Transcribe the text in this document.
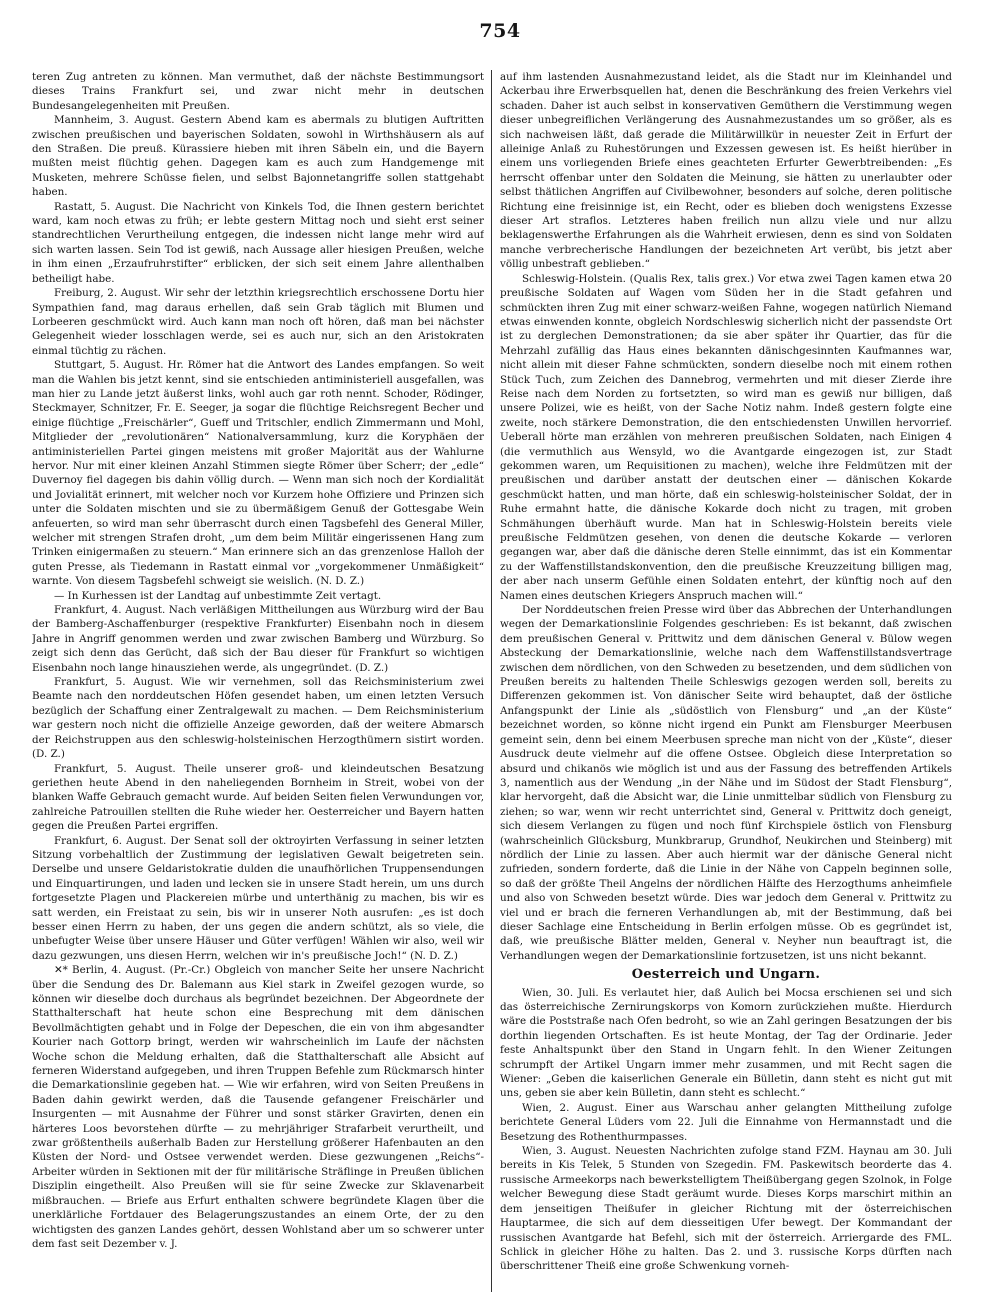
754

teren Zug antreten zu können. Man vermuthet, daß der nächste Bestimmungsort dieses Trains Frankfurt sei, und zwar nicht mehr in deutschen Bundesangelegenheiten mit Preußen.

Mannheim, 3. August. Gestern Abend kam es abermals zu blutigen Auftritten zwischen preußischen und bayerischen Soldaten, sowohl in Wirthshäusern als auf den Straßen. Die preuß. Kürassiere hieben mit ihren Säbeln ein, und die Bayern mußten meist flüchtig gehen. Dagegen kam es auch zum Handgemenge mit Musketen, mehrere Schüsse fielen, und selbst Bajonnetangriffe sollen stattgehabt haben.

Rastatt, 5. August. Die Nachricht von Kinkels Tod, die Ihnen gestern berichtet ward, kam noch etwas zu früh; er lebte gestern Mittag noch und sieht erst seiner standrechtlichen Verurtheilung entgegen, die indessen nicht lange mehr wird auf sich warten lassen. Sein Tod ist gewiß, nach Aussage aller hiesigen Preußen, welche in ihm einen „Erzaufruhrstifter“ erblicken, der sich seit einem Jahre allenthalben betheiligt habe.

Freiburg, 2. August. Wir sehr der letzthin kriegsrechtlich erschossene Dortu hier Sympathien fand, mag daraus erhellen, daß sein Grab täglich mit Blumen und Lorbeeren geschmückt wird. Auch kann man noch oft hören, daß man bei nächster Gelegenheit wieder losschlagen werde, sei es auch nur, sich an den Aristokraten einmal tüchtig zu rächen.

Stuttgart, 5. August. Hr. Römer hat die Antwort des Landes empfangen. So weit man die Wahlen bis jetzt kennt, sind sie entschieden antiministeriell ausgefallen, was man hier zu Lande jetzt äußerst links, wohl auch gar roth nennt. Schoder, Rödinger, Steckmayer, Schnitzer, Fr. E. Seeger, ja sogar die flüchtige Reichsregent Becher und einige flüchtige „Freischärler“, Gueff und Tritschler, endlich Zimmermann und Mohl, Mitglieder der „revolutionären“ Nationalversammlung, kurz die Koryphäen der antiministeriellen Partei gingen meistens mit großer Majorität aus der Wahlurne hervor. Nur mit einer kleinen Anzahl Stimmen siegte Römer über Scherr; der „edle“ Duvernoy fiel dagegen bis dahin völlig durch. — Wenn man sich noch der Kordialität und Jovialität erinnert, mit welcher noch vor Kurzem hohe Offiziere und Prinzen sich unter die Soldaten mischten und sie zu übermäßigem Genuß der Gottesgabe Wein anfeuerten, so wird man sehr überrascht durch einen Tagsbefehl des General Miller, welcher mit strengen Strafen droht, „um dem beim Militär eingerissenen Hang zum Trinken einigermaßen zu steuern.“ Man erinnere sich an das grenzenlose Halloh der guten Presse, als Tiedemann in Rastatt einmal vor „vorgekommener Unmäßigkeit“ warnte. Von diesem Tagsbefehl schweigt sie weislich. (N. D. Z.)

— In Kurhessen ist der Landtag auf unbestimmte Zeit vertagt.

Frankfurt, 4. August. Nach verläßigen Mittheilungen aus Würzburg wird der Bau der Bamberg-Aschaffenburger (respektive Frankfurter) Eisenbahn noch in diesem Jahre in Angriff genommen werden und zwar zwischen Bamberg und Würzburg. So zeigt sich denn das Gerücht, daß sich der Bau dieser für Frankfurt so wichtigen Eisenbahn noch lange hinausziehen werde, als ungegründet. (D. Z.)

Frankfurt, 5. August. Wie wir vernehmen, soll das Reichsministerium zwei Beamte nach den norddeutschen Höfen gesendet haben, um einen letzten Versuch bezüglich der Schaffung einer Zentralgewalt zu machen. — Dem Reichsministerium war gestern noch nicht die offizielle Anzeige geworden, daß der weitere Abmarsch der Reichstruppen aus den schleswig-holsteinischen Herzogthümern sistirt worden. (D. Z.)

Frankfurt, 5. August. Theile unserer groß- und kleindeutschen Besatzung geriethen heute Abend in den naheliegenden Bornheim in Streit, wobei von der blanken Waffe Gebrauch gemacht wurde. Auf beiden Seiten fielen Verwundungen vor, zahlreiche Patrouillen stellten die Ruhe wieder her. Oesterreicher und Bayern hatten gegen die Preußen Partei ergriffen.

Frankfurt, 6. August. Der Senat soll der oktroyirten Verfassung in seiner letzten Sitzung vorbehaltlich der Zustimmung der legislativen Gewalt beigetreten sein. Derselbe und unsere Geldaristokratie dulden die unaufhörlichen Truppensendungen und Einquartirungen, und laden und lecken sie in unsere Stadt herein, um uns durch fortgesetzte Plagen und Plackereien mürbe und unterthänig zu machen, bis wir es satt werden, ein Freistaat zu sein, bis wir in unserer Noth ausrufen: „es ist doch besser einen Herrn zu haben, der uns gegen die andern schützt, als so viele, die unbefugter Weise über unsere Häuser und Güter verfügen! Wählen wir also, weil wir dazu gezwungen, uns diesen Herrn, welchen wir in's preußische Joch!“ (N. D. Z.)

✕* Berlin, 4. August. (Pr.-Cr.) Obgleich von mancher Seite her unsere Nachricht über die Sendung des Dr. Balemann aus Kiel stark in Zweifel gezogen wurde, so können wir dieselbe doch durchaus als begründet bezeichnen. Der Abgeordnete der Statthalterschaft hat heute schon eine Besprechung mit dem dänischen Bevollmächtigten gehabt und in Folge der Depeschen, die ein von ihm abgesandter Kourier nach Gottorp bringt, werden wir wahrscheinlich im Laufe der nächsten Woche schon die Meldung erhalten, daß die Statthalterschaft alle Absicht auf ferneren Widerstand aufgegeben, und ihren Truppen Befehle zum Rückmarsch hinter die Demarkationslinie gegeben hat. — Wie wir erfahren, wird von Seiten Preußens in Baden dahin gewirkt werden, daß die Tausende gefangener Freischärler und Insurgenten — mit Ausnahme der Führer und sonst stärker Gravirten, denen ein härteres Loos bevorstehen dürfte — zu mehrjähriger Strafarbeit verurtheilt, und zwar größtentheils außerhalb Baden zur Herstellung größerer Hafenbauten an den Küsten der Nord- und Ostsee verwendet werden. Diese gezwungenen „Reichs“-Arbeiter würden in Sektionen mit der für militärische Sträflinge in Preußen üblichen Disziplin eingetheilt. Also Preußen will sie für seine Zwecke zur Sklavenarbeit mißbrauchen. — Briefe aus Erfurt enthalten schwere begründete Klagen über die unerklärliche Fortdauer des Belagerungszustandes an einem Orte, der zu den wichtigsten des ganzen Landes gehört, dessen Wohlstand aber um so schwerer unter dem fast seit Dezember v. J.

auf ihm lastenden Ausnahmezustand leidet, als die Stadt nur im Kleinhandel und Ackerbau ihre Erwerbsquellen hat, denen die Beschränkung des freien Verkehrs viel schaden. Daher ist auch selbst in konservativen Gemüthern die Verstimmung wegen dieser unbegreiflichen Verlängerung des Ausnahmezustandes um so größer, als es sich nachweisen läßt, daß gerade die Militärwillkür in neuester Zeit in Erfurt der alleinige Anlaß zu Ruhestörungen und Exzessen gewesen ist. Es heißt hierüber in einem uns vorliegenden Briefe eines geachteten Erfurter Gewerbtreibenden: „Es herrscht offenbar unter den Soldaten die Meinung, sie hätten zu unerlaubter oder selbst thätlichen Angriffen auf Civilbewohner, besonders auf solche, deren politische Richtung eine freisinnige ist, ein Recht, oder es blieben doch wenigstens Exzesse dieser Art straflos. Letzteres haben freilich nun allzu viele und nur allzu beklagenswerthe Erfahrungen als die Wahrheit erwiesen, denn es sind von Soldaten manche verbrecherische Handlungen der bezeichneten Art verübt, bis jetzt aber völlig unbestraft geblieben.“

Schleswig-Holstein. (Qualis Rex, talis grex.) Vor etwa zwei Tagen kamen etwa 20 preußische Soldaten auf Wagen vom Süden her in die Stadt gefahren und schmückten ihren Zug mit einer schwarz-weißen Fahne, wogegen natürlich Niemand etwas einwenden konnte, obgleich Nordschleswig sicherlich nicht der passendste Ort ist zu derglechen Demonstrationen; da sie aber später ihr Quartier, das für die Mehrzahl zufällig das Haus eines bekannten dänischgesinnten Kaufmannes war, nicht allein mit dieser Fahne schmückten, sondern dieselbe noch mit einem rothen Stück Tuch, zum Zeichen des Dannebrog, vermehrten und mit dieser Zierde ihre Reise nach dem Norden zu fortsetzten, so wird man es gewiß nur billigen, daß unsere Polizei, wie es heißt, von der Sache Notiz nahm. Indeß gestern folgte eine zweite, noch stärkere Demonstration, die den entschiedensten Unwillen hervorrief. Ueberall hörte man erzählen von mehreren preußischen Soldaten, nach Einigen 4 (die vermuthlich aus Wensyld, wo die Avantgarde eingezogen ist, zur Stadt gekommen waren, um Requisitionen zu machen), welche ihre Feldmützen mit der preußischen und darüber anstatt der deutschen einer — dänischen Kokarde geschmückt hatten, und man hörte, daß ein schleswig-holsteinischer Soldat, der in Ruhe ermahnt hatte, die dänische Kokarde doch nicht zu tragen, mit groben Schmähungen überhäuft wurde. Man hat in Schleswig-Holstein bereits viele preußische Feldmützen gesehen, von denen die deutsche Kokarde — verloren gegangen war, aber daß die dänische deren Stelle einnimmt, das ist ein Kommentar zu der Waffenstillstandskonvention, den die preußische Kreuzzeitung billigen mag, der aber nach unserm Gefühle einen Soldaten entehrt, der künftig noch auf den Namen eines deutschen Kriegers Anspruch machen will.“

Der Norddeutschen freien Presse wird über das Abbrechen der Unterhandlungen wegen der Demarkationslinie Folgendes geschrieben: Es ist bekannt, daß zwischen dem preußischen General v. Prittwitz und dem dänischen General v. Bülow wegen Absteckung der Demarkationslinie, welche nach dem Waffenstillstandsvertrage zwischen dem nördlichen, von den Schweden zu besetzenden, und dem südlichen von Preußen bereits zu haltenden Theile Schleswigs gezogen werden soll, bereits zu Differenzen gekommen ist. Von dänischer Seite wird behauptet, daß der östliche Anfangspunkt der Linie als „südöstlich von Flensburg“ und „an der Küste“ bezeichnet worden, so könne nicht irgend ein Punkt am Flensburger Meerbusen gemeint sein, denn bei einem Meerbusen spreche man nicht von der „Küste“, dieser Ausdruck deute vielmehr auf die offene Ostsee. Obgleich diese Interpretation so absurd und chikanös wie möglich ist und aus der Fassung des betreffenden Artikels 3, namentlich aus der Wendung „in der Nähe und im Südost der Stadt Flensburg“, klar hervorgeht, daß die Absicht war, die Linie unmittelbar südlich von Flensburg zu ziehen; so war, wenn wir recht unterrichtet sind, General v. Prittwitz doch geneigt, sich diesem Verlangen zu fügen und noch fünf Kirchspiele östlich von Flensburg (wahrscheinlich Glücksburg, Munkbrarup, Grundhof, Neukirchen und Steinberg) mit nördlich der Linie zu lassen. Aber auch hiermit war der dänische General nicht zufrieden, sondern forderte, daß die Linie in der Nähe von Cappeln beginnen solle, so daß der größte Theil Angelns der nördlichen Hälfte des Herzogthums anheimfiele und also von Schweden besetzt würde. Dies war jedoch dem General v. Prittwitz zu viel und er brach die ferneren Verhandlungen ab, mit der Bestimmung, daß bei dieser Sachlage eine Entscheidung in Berlin erfolgen müsse. Ob es gegründet ist, daß, wie preußische Blätter melden, General v. Neyher nun beauftragt ist, die Verhandlungen wegen der Demarkationslinie fortzusetzen, ist uns nicht bekannt.

Oesterreich und Ungarn.

Wien, 30. Juli. Es verlautet hier, daß Aulich bei Mocsa erschienen sei und sich das österreichische Zernirungskorps von Komorn zurückziehen mußte. Hierdurch wäre die Poststraße nach Ofen bedroht, so wie an Zahl geringen Besatzungen der bis dorthin liegenden Ortschaften. Es ist heute Montag, der Tag der Ordinarie. Jeder feste Anhaltspunkt über den Stand in Ungarn fehlt. In den Wiener Zeitungen schrumpft der Artikel Ungarn immer mehr zusammen, und mit Recht sagen die Wiener: „Geben die kaiserlichen Generale ein Bülletin, dann steht es nicht gut mit uns, geben sie aber kein Bülletin, dann steht es schlecht.“

Wien, 2. August. Einer aus Warschau anher gelangten Mittheilung zufolge berichtete General Lüders vom 22. Juli die Einnahme von Hermannstadt und die Besetzung des Rothenthurmpasses.

Wien, 3. August. Neuesten Nachrichten zufolge stand FZM. Haynau am 30. Juli bereits in Kis Telek, 5 Stunden von Szegedin. FM. Paskewitsch beorderte das 4. russische Armeekorps nach bewerkstelligtem Theißübergang gegen Szolnok, in Folge welcher Bewegung diese Stadt geräumt wurde. Dieses Korps marschirt mithin an dem jenseitigen Theißufer in gleicher Richtung mit der österreichischen Hauptarmee, die sich auf dem diesseitigen Ufer bewegt. Der Kommandant der russischen Avantgarde hat Befehl, sich mit der österreich. Arriergarde des FML. Schlick in gleicher Höhe zu halten. Das 2. und 3. russische Korps dürften nach überschrittener Theiß eine große Schwenkung vorneh-
